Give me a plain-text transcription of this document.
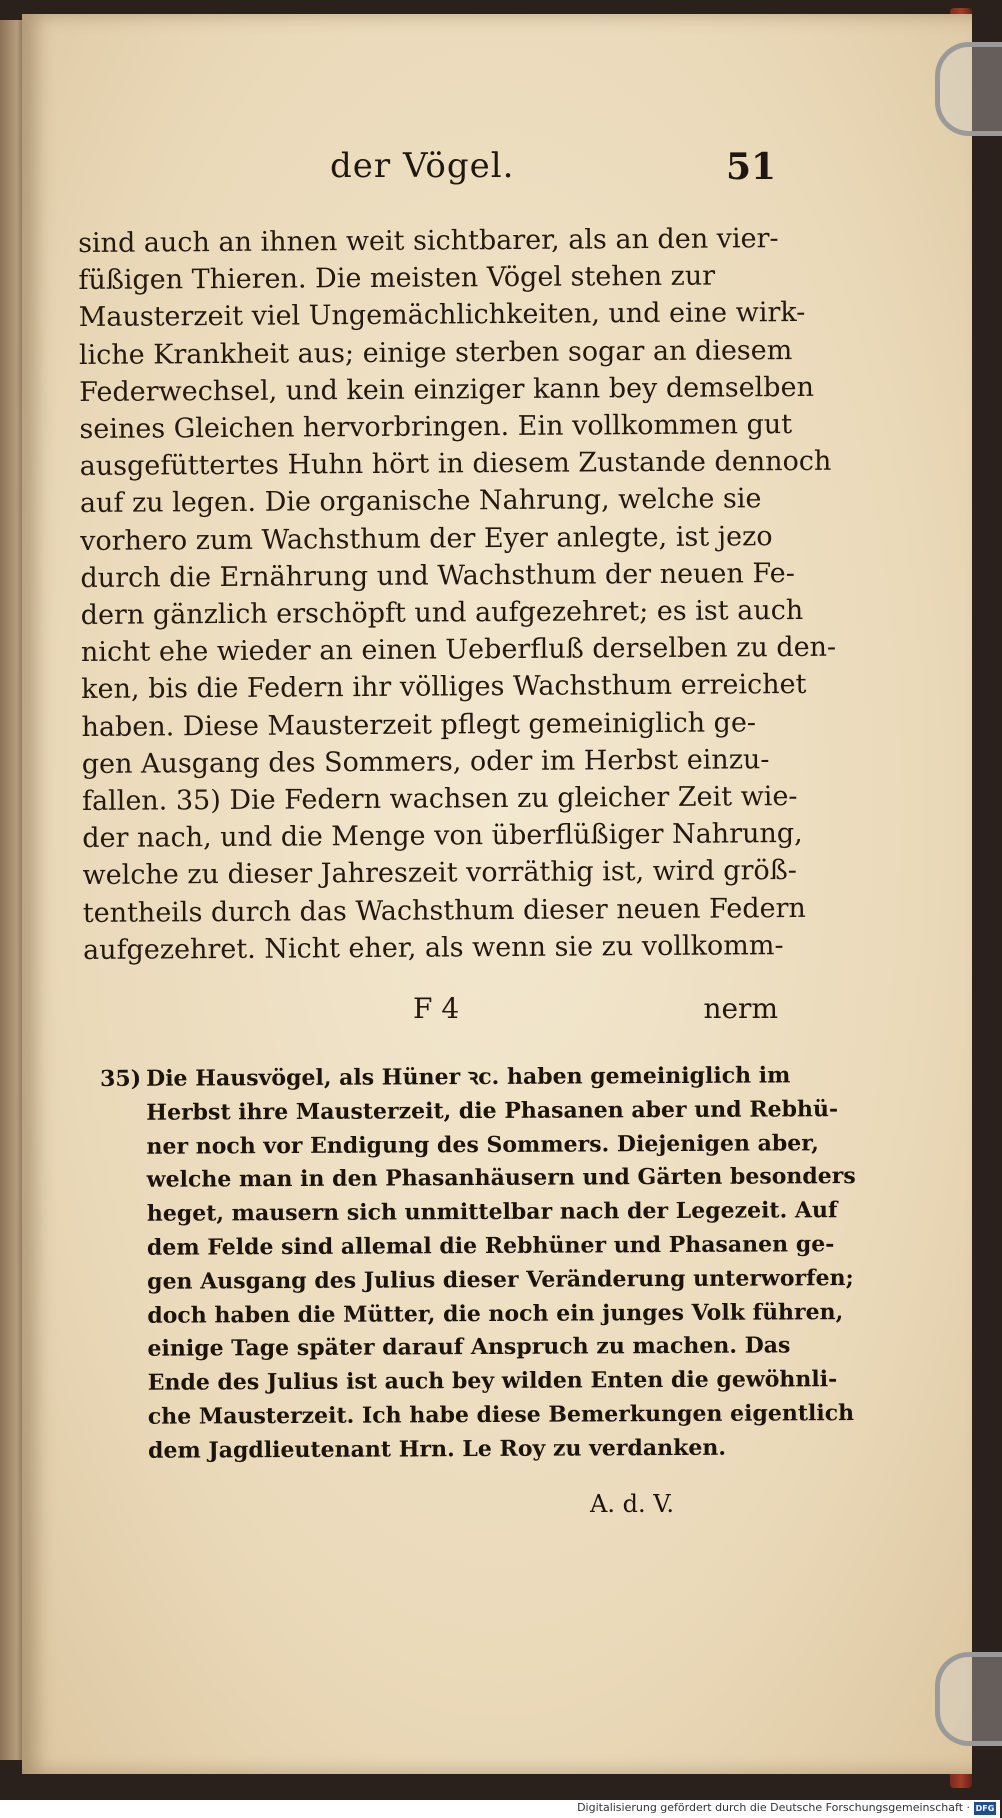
der Vögel.	51
sind auch an ihnen weit sichtbarer, als an den vier-
füßigen Thieren. Die meisten Vögel stehen zur
Mausterzeit viel Ungemächlichkeiten, und eine wirk-
liche Krankheit aus; einige sterben sogar an diesem
Federwechsel, und kein einziger kann bey demselben
seines Gleichen hervorbringen. Ein vollkommen gut
ausgefüttertes Huhn hört in diesem Zustande dennoch
auf zu legen. Die organische Nahrung, welche sie
vorhero zum Wachsthum der Eyer anlegte, ist jezo
durch die Ernährung und Wachsthum der neuen Fe-
dern gänzlich erschöpft und aufgezehret; es ist auch
nicht ehe wieder an einen Ueberfluß derselben zu den-
ken, bis die Federn ihr völliges Wachsthum erreichet
haben. Diese Mausterzeit pflegt gemeiniglich ge-
gen Ausgang des Sommers, oder im Herbst einzu-
fallen. 35) Die Federn wachsen zu gleicher Zeit wie-
der nach, und die Menge von überflüßiger Nahrung,
welche zu dieser Jahreszeit vorräthig ist, wird größ-
tentheils durch das Wachsthum dieser neuen Federn
aufgezehret. Nicht eher, als wenn sie zu vollkomm-
F 4	nerm
35) Die Hausvögel, als Hüner ꝛc. haben gemeiniglich im
Herbst ihre Mausterzeit, die Phasanen aber und Rebhü-
ner noch vor Endigung des Sommers. Diejenigen aber,
welche man in den Phasanhäusern und Gärten besonders
heget, mausern sich unmittelbar nach der Legezeit. Auf
dem Felde sind allemal die Rebhüner und Phasanen ge-
gen Ausgang des Julius dieser Veränderung unterworfen;
doch haben die Mütter, die noch ein junges Volk führen,
einige Tage später darauf Anspruch zu machen. Das
Ende des Julius ist auch bey wilden Enten die gewöhnli-
che Mausterzeit. Ich habe diese Bemerkungen eigentlich
dem Jagdlieutenant Hrn. Le Roy zu verdanken.
A. d. V.
Digitalisierung gefördert durch die Deutsche Forschungsgemeinschaft · DFG
